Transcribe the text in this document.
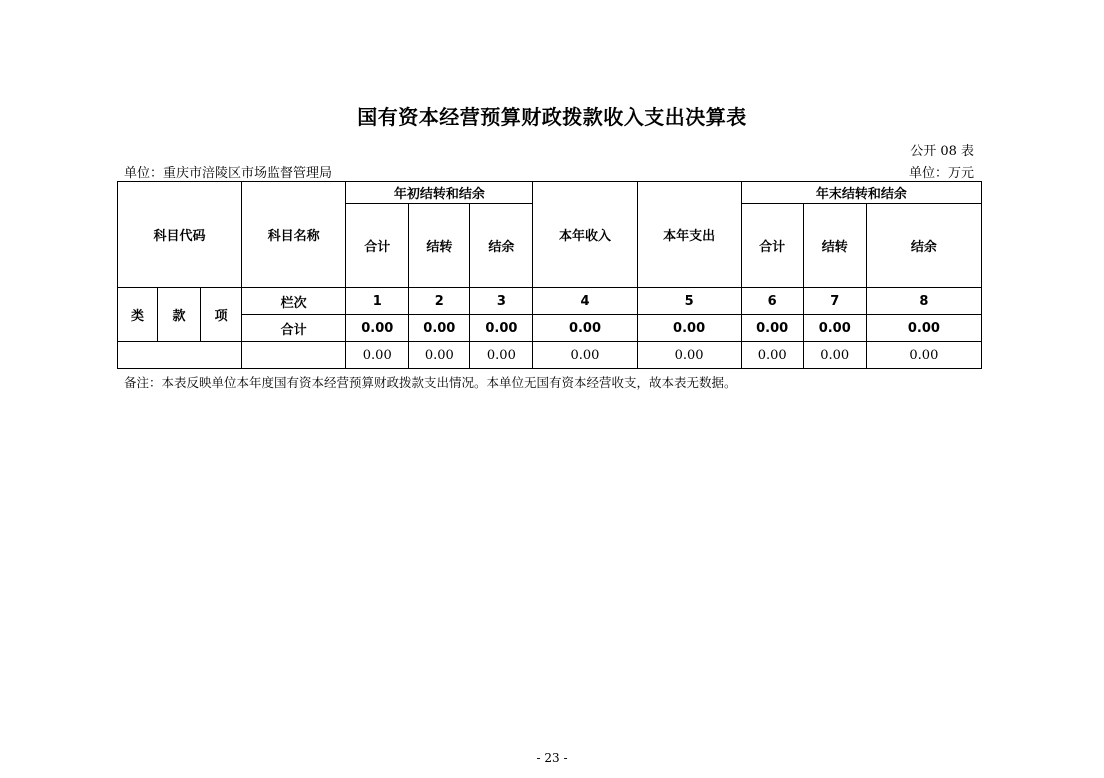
国有资本经营预算财政拨款收入支出决算表
公开 08 表
单位：重庆市涪陵区市场监督管理局	单位：万元
科目代码			科目名称	年初结转和结余			本年收入	本年支出	年末结转和结余		
				合计	结转	结余			合计	结转	结余
类	款	项	栏次	1	2	3	4	5	6	7	8
			合计	0.00	0.00	0.00	0.00	0.00	0.00	0.00	0.00
				0.00	0.00	0.00	0.00	0.00	0.00	0.00	0.00
备注：本表反映单位本年度国有资本经营预算财政拨款支出情况。本单位无国有资本经营收支，故本表无数据。
- 23 -
